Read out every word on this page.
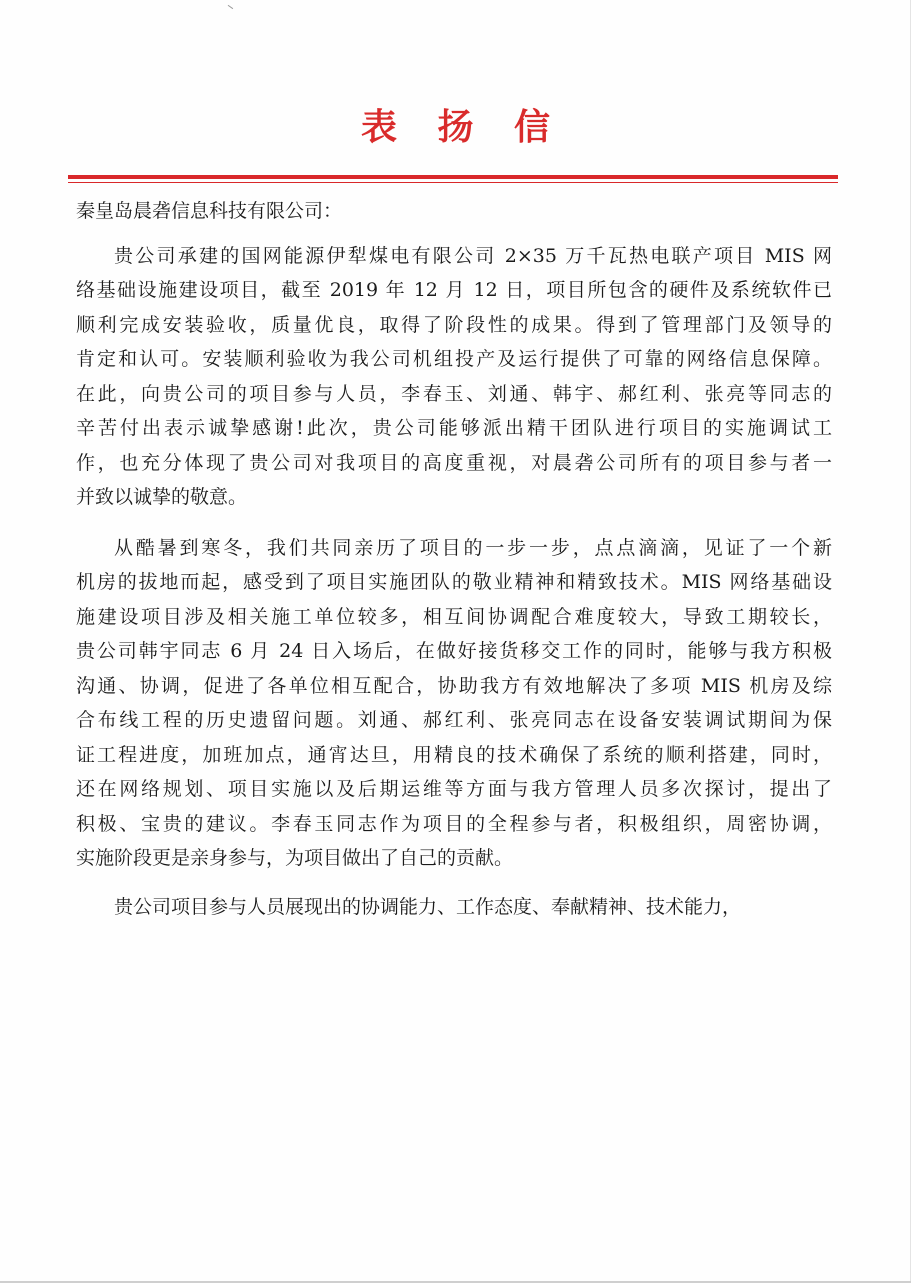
表 扬 信

秦皇岛晨砻信息科技有限公司：

贵公司承建的国网能源伊犁煤电有限公司 2×35 万千瓦热电联产项目 MIS 网
络基础设施建设项目，截至 2019 年 12 月 12 日，项目所包含的硬件及系统软件已
顺利完成安装验收，质量优良，取得了阶段性的成果。得到了管理部门及领导的
肯定和认可。安装顺利验收为我公司机组投产及运行提供了可靠的网络信息保障。
在此，向贵公司的项目参与人员，李春玉、刘通、韩宇、郝红利、张亮等同志的
辛苦付出表示诚挚感谢!此次，贵公司能够派出精干团队进行项目的实施调试工
作，也充分体现了贵公司对我项目的高度重视，对晨砻公司所有的项目参与者一
并致以诚挚的敬意。
从酷暑到寒冬，我们共同亲历了项目的一步一步，点点滴滴，见证了一个新
机房的拔地而起，感受到了项目实施团队的敬业精神和精致技术。MIS 网络基础设
施建设项目涉及相关施工单位较多，相互间协调配合难度较大，导致工期较长，
贵公司韩宇同志 6 月 24 日入场后，在做好接货移交工作的同时，能够与我方积极
沟通、协调，促进了各单位相互配合，协助我方有效地解决了多项 MIS 机房及综
合布线工程的历史遗留问题。刘通、郝红利、张亮同志在设备安装调试期间为保
证工程进度，加班加点，通宵达旦，用精良的技术确保了系统的顺利搭建，同时，
还在网络规划、项目实施以及后期运维等方面与我方管理人员多次探讨，提出了
积极、宝贵的建议。李春玉同志作为项目的全程参与者，积极组织，周密协调，
实施阶段更是亲身参与，为项目做出了自己的贡献。
贵公司项目参与人员展现出的协调能力、工作态度、奉献精神、技术能力，
